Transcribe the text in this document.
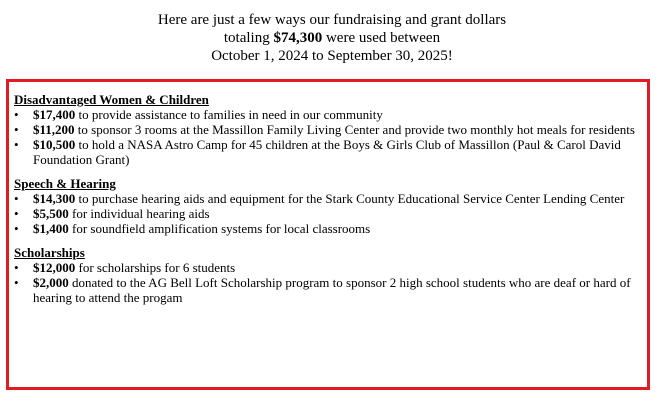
Here are just a few ways our fundraising and grant dollars
totaling $74,300 were used between
October 1, 2024 to September 30, 2025!
Disadvantaged Women & Children
• $17,400 to provide assistance to families in need in our community
• $11,200 to sponsor 3 rooms at the Massillon Family Living Center and provide two monthly hot meals for residents
• $10,500 to hold a NASA Astro Camp for 45 children at the Boys & Girls Club of Massillon (Paul & Carol David Foundation Grant)
Speech & Hearing
• $14,300 to purchase hearing aids and equipment for the Stark County Educational Service Center Lending Center
• $5,500 for individual hearing aids
• $1,400 for soundfield amplification systems for local classrooms
Scholarships
• $12,000 for scholarships for 6 students
• $2,000 donated to the AG Bell Loft Scholarship program to sponsor 2 high school students who are deaf or hard of hearing to attend the progam
